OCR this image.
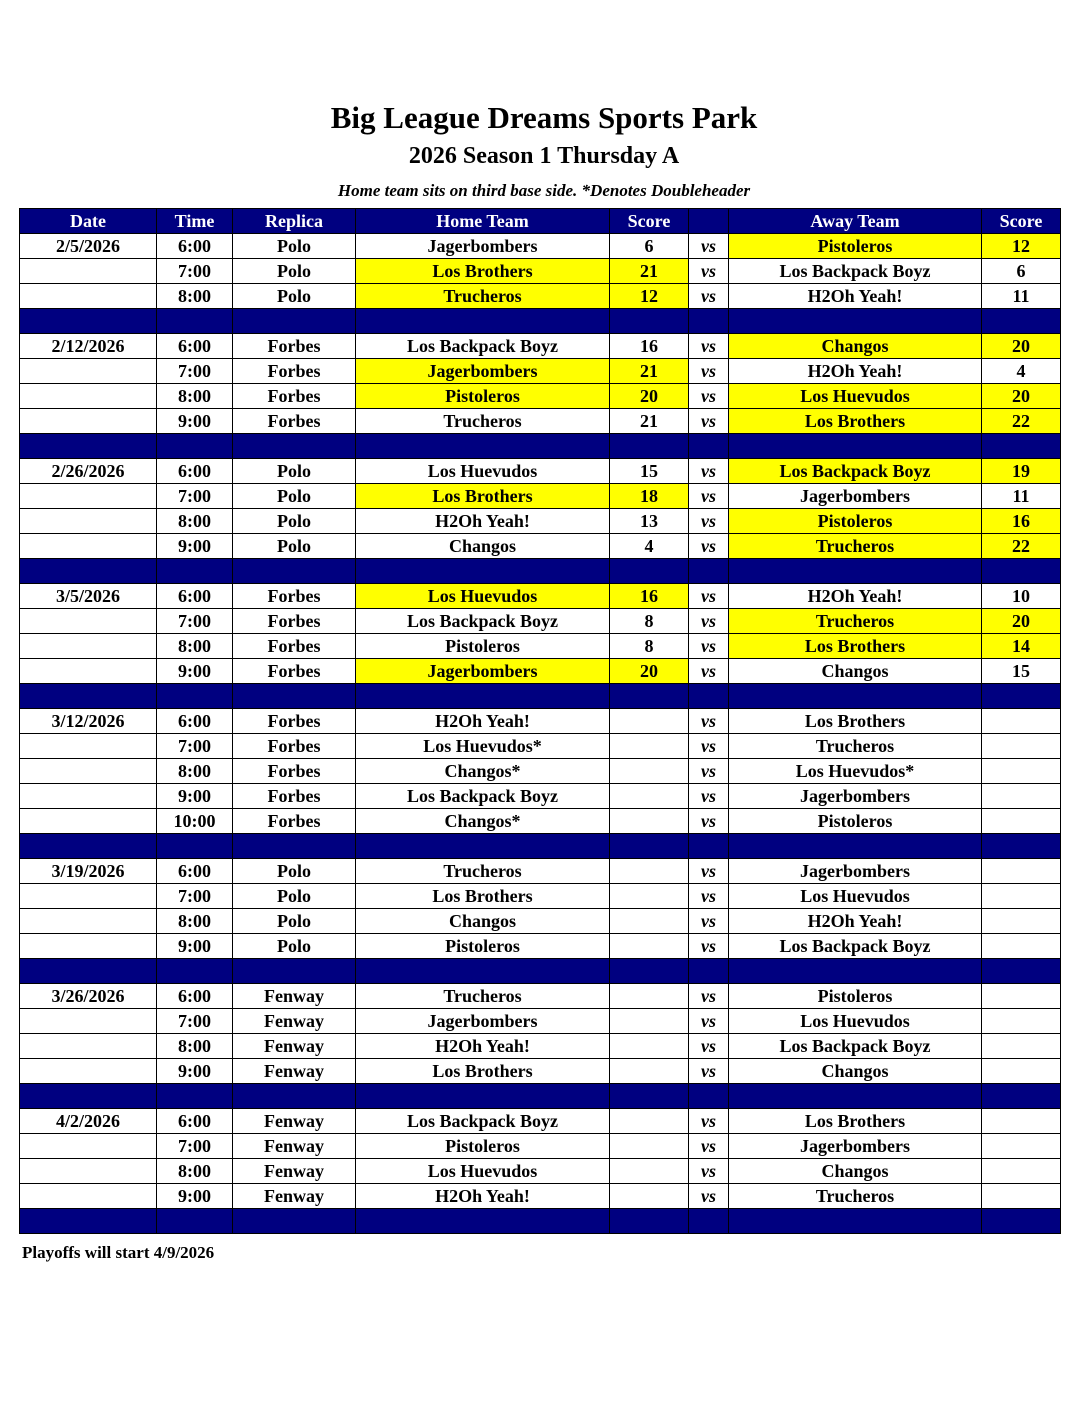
Big League Dreams Sports Park
2026 Season 1 Thursday A
Home team sits on third base side. *Denotes Doubleheader
Date	Time	Replica	Home Team	Score		Away Team	Score
2/5/2026	6:00	Polo	Jagerbombers	6	vs	Pistoleros	12
	7:00	Polo	Los Brothers	21	vs	Los Backpack Boyz	6
	8:00	Polo	Trucheros	12	vs	H2Oh Yeah!	11

2/12/2026	6:00	Forbes	Los Backpack Boyz	16	vs	Changos	20
	7:00	Forbes	Jagerbombers	21	vs	H2Oh Yeah!	4
	8:00	Forbes	Pistoleros	20	vs	Los Huevudos	20
	9:00	Forbes	Trucheros	21	vs	Los Brothers	22

2/26/2026	6:00	Polo	Los Huevudos	15	vs	Los Backpack Boyz	19
	7:00	Polo	Los Brothers	18	vs	Jagerbombers	11
	8:00	Polo	H2Oh Yeah!	13	vs	Pistoleros	16
	9:00	Polo	Changos	4	vs	Trucheros	22

3/5/2026	6:00	Forbes	Los Huevudos	16	vs	H2Oh Yeah!	10
	7:00	Forbes	Los Backpack Boyz	8	vs	Trucheros	20
	8:00	Forbes	Pistoleros	8	vs	Los Brothers	14
	9:00	Forbes	Jagerbombers	20	vs	Changos	15

3/12/2026	6:00	Forbes	H2Oh Yeah!		vs	Los Brothers	
	7:00	Forbes	Los Huevudos*		vs	Trucheros	
	8:00	Forbes	Changos*		vs	Los Huevudos*	
	9:00	Forbes	Los Backpack Boyz		vs	Jagerbombers	
	10:00	Forbes	Changos*		vs	Pistoleros	

3/19/2026	6:00	Polo	Trucheros		vs	Jagerbombers	
	7:00	Polo	Los Brothers		vs	Los Huevudos	
	8:00	Polo	Changos		vs	H2Oh Yeah!	
	9:00	Polo	Pistoleros		vs	Los Backpack Boyz	

3/26/2026	6:00	Fenway	Trucheros		vs	Pistoleros	
	7:00	Fenway	Jagerbombers		vs	Los Huevudos	
	8:00	Fenway	H2Oh Yeah!		vs	Los Backpack Boyz	
	9:00	Fenway	Los Brothers		vs	Changos	

4/2/2026	6:00	Fenway	Los Backpack Boyz		vs	Los Brothers	
	7:00	Fenway	Pistoleros		vs	Jagerbombers	
	8:00	Fenway	Los Huevudos		vs	Changos	
	9:00	Fenway	H2Oh Yeah!		vs	Trucheros	

Playoffs will start 4/9/2026
